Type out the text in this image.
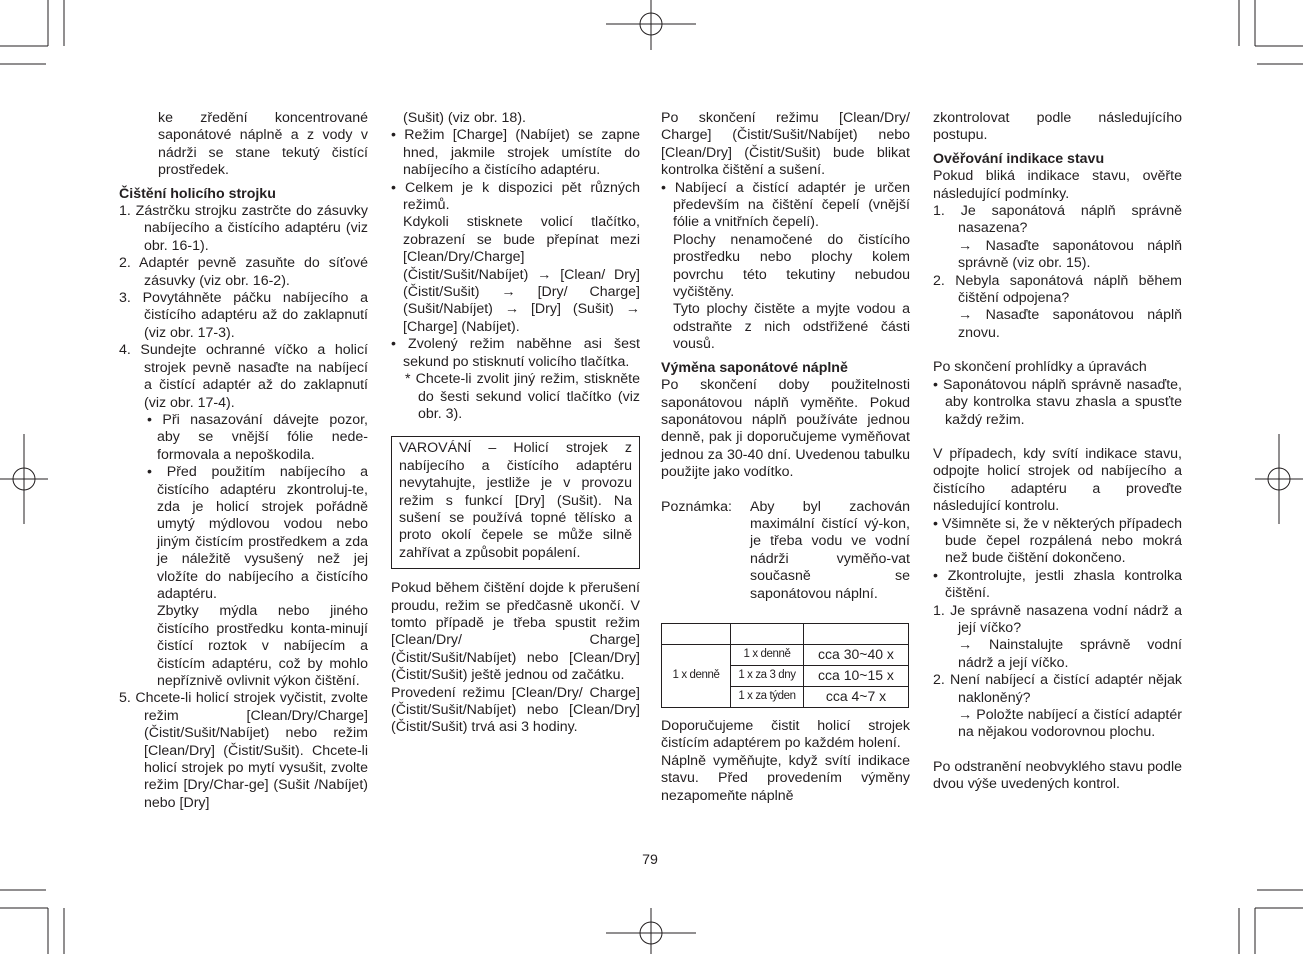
ke zředění koncentrované saponátové náplně a z vody v nádrži se stane tekutý čistící prostředek.

Čištění holicího strojku

1. Zástrčku strojku zastrčte do zásuvky nabíjecího a čistícího adaptéru (viz obr. 16-1).

2. Adaptér pevně zasuňte do síťové zásuvky (viz obr. 16-2).

3. Povytáhněte páčku nabíjecího a čistícího adaptéru až do zaklapnutí (viz obr. 17-3).

4. Sundejte ochranné víčko a holicí strojek pevně nasaďte na nabíjecí a čistící adaptér až do zaklapnutí (viz obr. 17-4).

• Při nasazování dávejte pozor, aby se vnější fólie nede-formovala a nepoškodila.

• Před použitím nabíjecího a čistícího adaptéru zkontroluj-te, zda je holicí strojek pořádně umytý mýdlovou vodou nebo jiným čistícím prostředkem a zda je náležitě vysušený než jej vložíte do nabíjecího a čistícího adaptéru.

Zbytky mýdla nebo jiného čistícího prostředku konta-minují čistící roztok v nabíjecím a čistícím adaptéru, což by mohlo nepříznivě ovlivnit výkon čištění.

5. Chcete-li holicí strojek vyčistit, zvolte režim [Clean/Dry/Charge] (Čistit/Sušit/Nabíjet) nebo režim [Clean/Dry] (Čistit/Sušit). Chcete-li holicí strojek po mytí vysušit, zvolte režim [Dry/Char-ge] (Sušit /Nabíjet) nebo [Dry]

(Sušit) (viz obr. 18).

• Režim [Charge] (Nabíjet) se zapne hned, jakmile strojek umístíte do nabíjecího a čistícího adaptéru.

• Celkem je k dispozici pět různých režimů.

Kdykoli stisknete volicí tlačítko, zobrazení se bude přepínat mezi [Clean/Dry/Charge] (Čistit/Sušit/Nabíjet) → [Clean/ Dry] (Čistit/Sušit) → [Dry/ Charge] (Sušit/Nabíjet) → [Dry] (Sušit) → [Charge] (Nabíjet).

• Zvolený režim naběhne asi šest sekund po stisknutí volicího tlačítka.

* Chcete-li zvolit jiný režim, stiskněte do šesti sekund volicí tlačítko (viz obr. 3).

VAROVÁNÍ – Holicí strojek z nabíjecího a čistícího adaptéru nevytahujte, jestliže je v provozu režim s funkcí [Dry] (Sušit). Na sušení se používá topné tělísko a proto okolí čepele se může silně zahřívat a způsobit popálení.

Pokud během čištění dojde k přerušení proudu, režim se předčasně ukončí. V tomto případě je třeba spustit režim [Clean/Dry/ Charge] (Čistit/Sušit/Nabíjet) nebo [Clean/Dry] (Čistit/Sušit) ještě jednou od začátku.

Provedení režimu [Clean/Dry/ Charge] (Čistit/Sušit/Nabíjet) nebo [Clean/Dry] (Čistit/Sušit) trvá asi 3 hodiny.

Po skončení režimu [Clean/Dry/ Charge] (Čistit/Sušit/Nabíjet) nebo [Clean/Dry] (Čistit/Sušit) bude blikat kontrolka čištění a sušení.

• Nabíjecí a čistící adaptér je určen především na čištění čepelí (vnější fólie a vnitřních čepelí).

Plochy nenamočené do čistícího prostředku nebo plochy kolem povrchu této tekutiny nebudou vyčištěny.

Tyto plochy čistěte a myjte vodou a odstraňte z nich odstřižené části vousů.

Výměna saponátové náplně

Po skončení doby použitelnosti saponátovou náplň vyměňte. Pokud saponátovou náplň používáte jednou denně, pak ji doporučujeme vyměňovat jednou za 30-40 dní. Uvedenou tabulku použijte jako vodítko.

Poznámka:	Aby byl zachován maximální čistící vý-kon, je třeba vodu ve vodní nádrži vyměňo-vat současně se saponátovou náplní.

1 x denně	1 x denně	cca 30~40 x
	1 x za 3 dny	cca 10~15 x
	1 x za týden	cca 4~7 x

Doporučujeme čistit holicí strojek čistícím adaptérem po každém holení.

Náplně vyměňujte, když svítí indikace stavu. Před provedením výměny nezapomeňte náplně

zkontrolovat podle následujícího postupu.

Ověřování indikace stavu

Pokud bliká indikace stavu, ověřte následující podmínky.

1. Je saponátová náplň správně nasazena?

→ Nasaďte saponátovou náplň správně (viz obr. 15).

2. Nebyla saponátová náplň během čištění odpojena?

→ Nasaďte saponátovou náplň znovu.

Po skončení prohlídky a úpravách

• Saponátovou náplň správně nasaďte, aby kontrolka stavu zhasla a spusťte každý režim.

V případech, kdy svítí indikace stavu, odpojte holicí strojek od nabíjecího a čistícího adaptéru a proveďte následující kontrolu.

• Všimněte si, že v některých případech bude čepel rozpálená nebo mokrá než bude čištění dokončeno.

• Zkontrolujte, jestli zhasla kontrolka čištění.

1. Je správně nasazena vodní nádrž a její víčko?

→ Nainstalujte správně vodní nádrž a její víčko.

2. Není nabíjecí a čistící adaptér nějak nakloněný?

→ Položte nabíjecí a čistící adaptér na nějakou vodorovnou plochu.

Po odstranění neobvyklého stavu podle dvou výše uvedených kontrol.

79
